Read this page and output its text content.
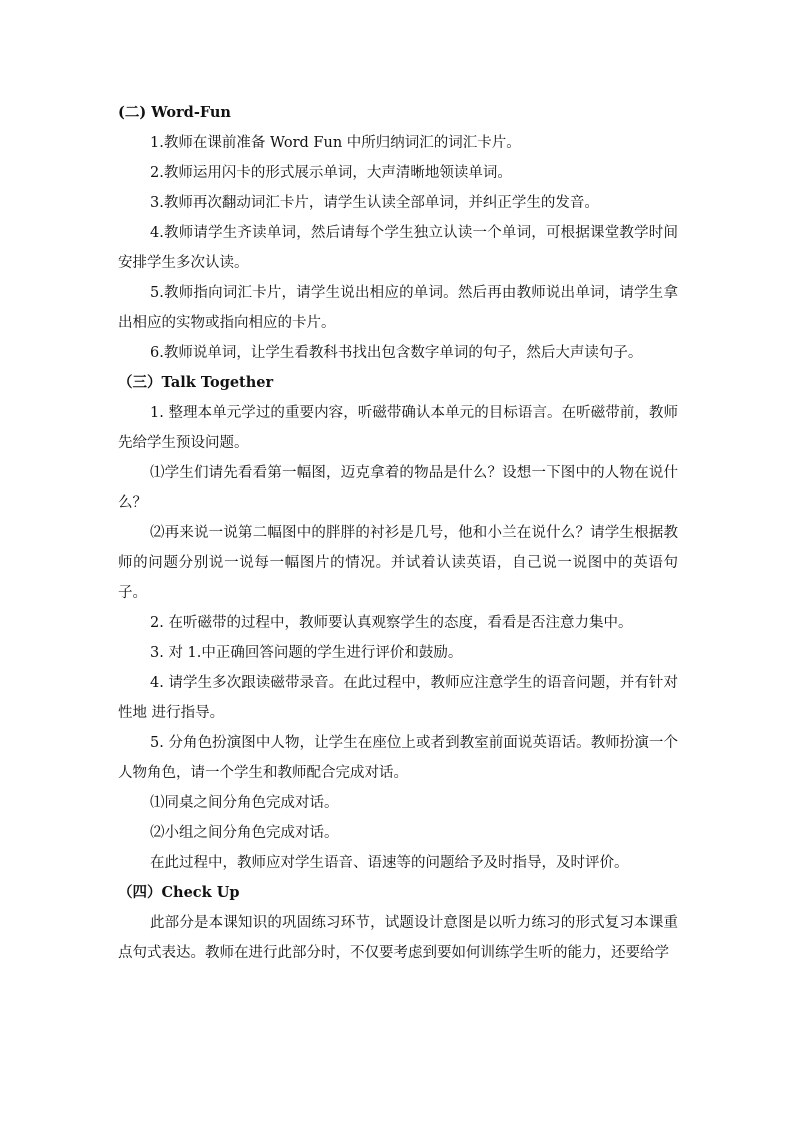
(二) Word-Fun
1.教师在课前准备 Word Fun 中所归纳词汇的词汇卡片。
2.教师运用闪卡的形式展示单词，大声清晰地领读单词。
3.教师再次翻动词汇卡片，请学生认读全部单词，并纠正学生的发音。
4.教师请学生齐读单词，然后请每个学生独立认读一个单词，可根据课堂教学时间安排学生多次认读。
5.教师指向词汇卡片，请学生说出相应的单词。然后再由教师说出单词，请学生拿出相应的实物或指向相应的卡片。
6.教师说单词，让学生看教科书找出包含数字单词的句子，然后大声读句子。
（三）Talk Together
1. 整理本单元学过的重要内容，听磁带确认本单元的目标语言。在听磁带前，教师先给学生预设问题。
⑴学生们请先看看第一幅图，迈克拿着的物品是什么？设想一下图中的人物在说什么？
⑵再来说一说第二幅图中的胖胖的衬衫是几号，他和小兰在说什么？请学生根据教师的问题分别说一说每一幅图片的情况。并试着认读英语，自己说一说图中的英语句子。
2. 在听磁带的过程中，教师要认真观察学生的态度，看看是否注意力集中。
3. 对 1.中正确回答问题的学生进行评价和鼓励。
4. 请学生多次跟读磁带录音。在此过程中，教师应注意学生的语音问题，并有针对性地 进行指导。
5. 分角色扮演图中人物，让学生在座位上或者到教室前面说英语话。教师扮演一个人物角色，请一个学生和教师配合完成对话。
⑴同桌之间分角色完成对话。
⑵小组之间分角色完成对话。
在此过程中，教师应对学生语音、语速等的问题给予及时指导，及时评价。
（四）Check Up
此部分是本课知识的巩固练习环节，试题设计意图是以听力练习的形式复习本课重点句式表达。教师在进行此部分时，不仅要考虑到要如何训练学生听的能力，还要给学
